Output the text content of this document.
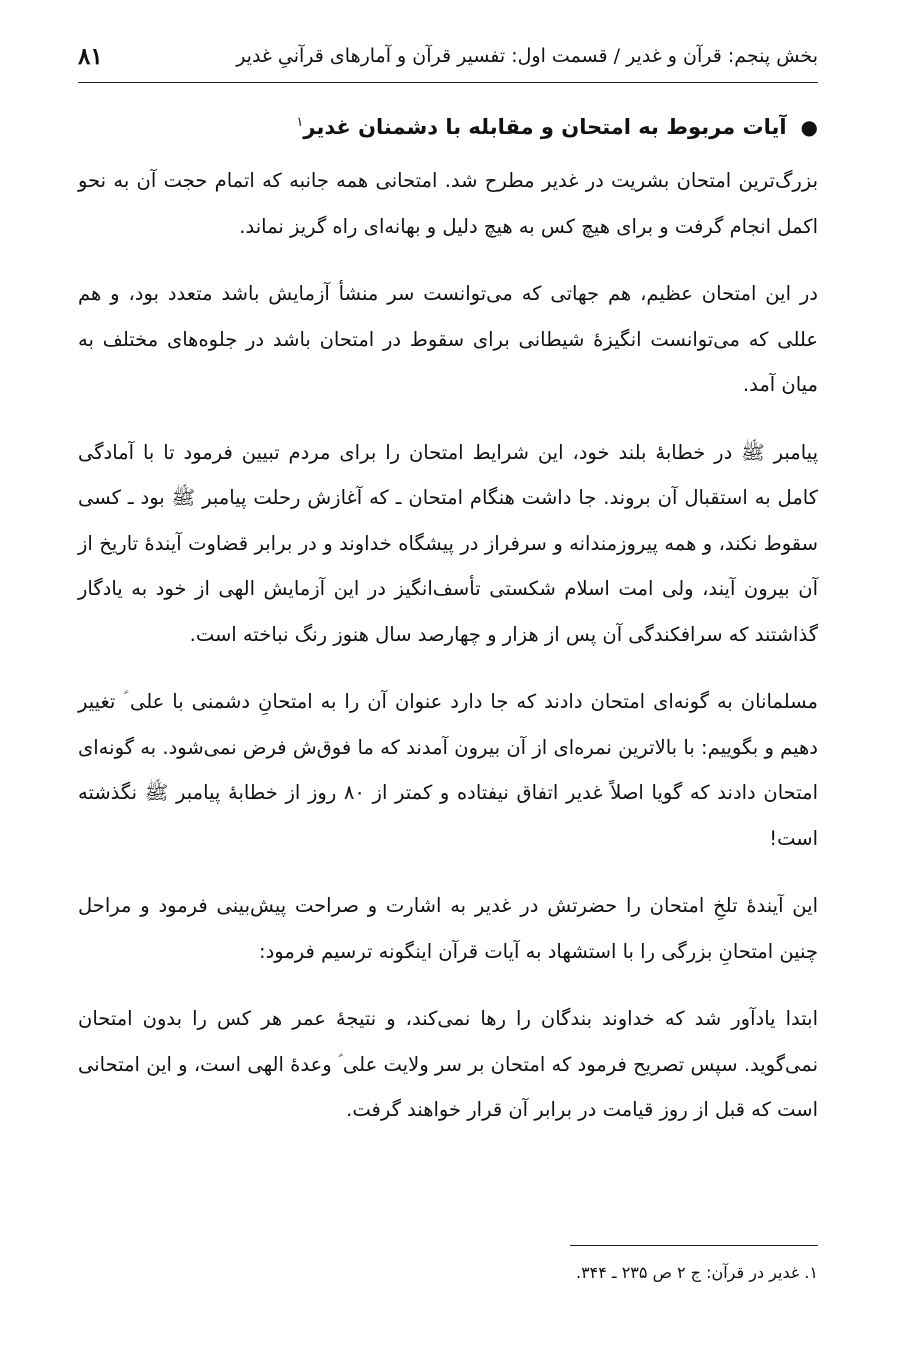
بخش پنجم: قرآن و غدیر / قسمت اول: تفسیر قرآن و آمارهای قرآنیِ غدیر
۸۱
●
آیات مربوط به امتحان و مقابله با دشمنان غدیر$^۱$

بزرگ‌ترین امتحان بشریت در غدیر مطرح شد. امتحانی همه جانبه که اتمام حجت آن به نحو اکمل انجام گرفت و برای هیچ کس به هیچ دلیل و بهانه‌ای راه گریز نماند.

در این امتحان عظیم، هم جهاتی که می‌توانست سر منشأ آزمایش باشد متعدد بود، و هم عللی که می‌توانست انگیزهٔ شیطانی برای سقوط در امتحان باشد در جلوه‌های مختلف به میان آمد.

پیامبر ﷺ در خطابهٔ بلند خود، این شرایط امتحان را برای مردم تبیین فرمود تا با آمادگی کامل به استقبال آن بروند. جا داشت هنگام امتحان ـ که آغازش رحلت پیامبر ﷺ بود ـ کسی سقوط نکند، و همه پیروزمندانه و سرفراز در پیشگاه خداوند و در برابر قضاوت آیندهٔ تاریخ از آن بیرون آیند، ولی امت اسلام شکستی تأسف‌انگیز در این آزمایش الهی از خود به یادگار گذاشتند که سرافکندگی آن پس از هزار و چهارصد سال هنوز رنگ نباخته است.

مسلمانان به گونه‌ای امتحان دادند که جا دارد عنوان آن را به امتحانِ دشمنی با علی ؑ تغییر دهیم و بگوییم: با بالاترین نمره‌ای از آن بیرون آمدند که ما فوق‌ش فرض نمی‌شود. به گونه‌ای امتحان دادند که گویا اصلاً غدیر اتفاق نیفتاده و کمتر از ۸۰ روز از خطابهٔ پیامبر ﷺ نگذشته است!

این آیندهٔ تلخِ امتحان را حضرتش در غدیر به اشارت و صراحت پیش‌بینی فرمود و مراحل چنین امتحانِ بزرگی را با استشهاد به آیات قرآن اینگونه ترسیم فرمود:

ابتدا یادآور شد که خداوند بندگان را رها نمی‌کند، و نتیجهٔ عمر هر کس را بدون امتحان نمی‌گوید. سپس تصریح فرمود که امتحان بر سر ولایت علی ؑ وعدهٔ الهی است، و این امتحانی است که قبل از روز قیامت در برابر آن قرار خواهند گرفت.

۱. غدیر در قرآن: ج ۲ ص ۲۳۵ ـ ۳۴۴.
